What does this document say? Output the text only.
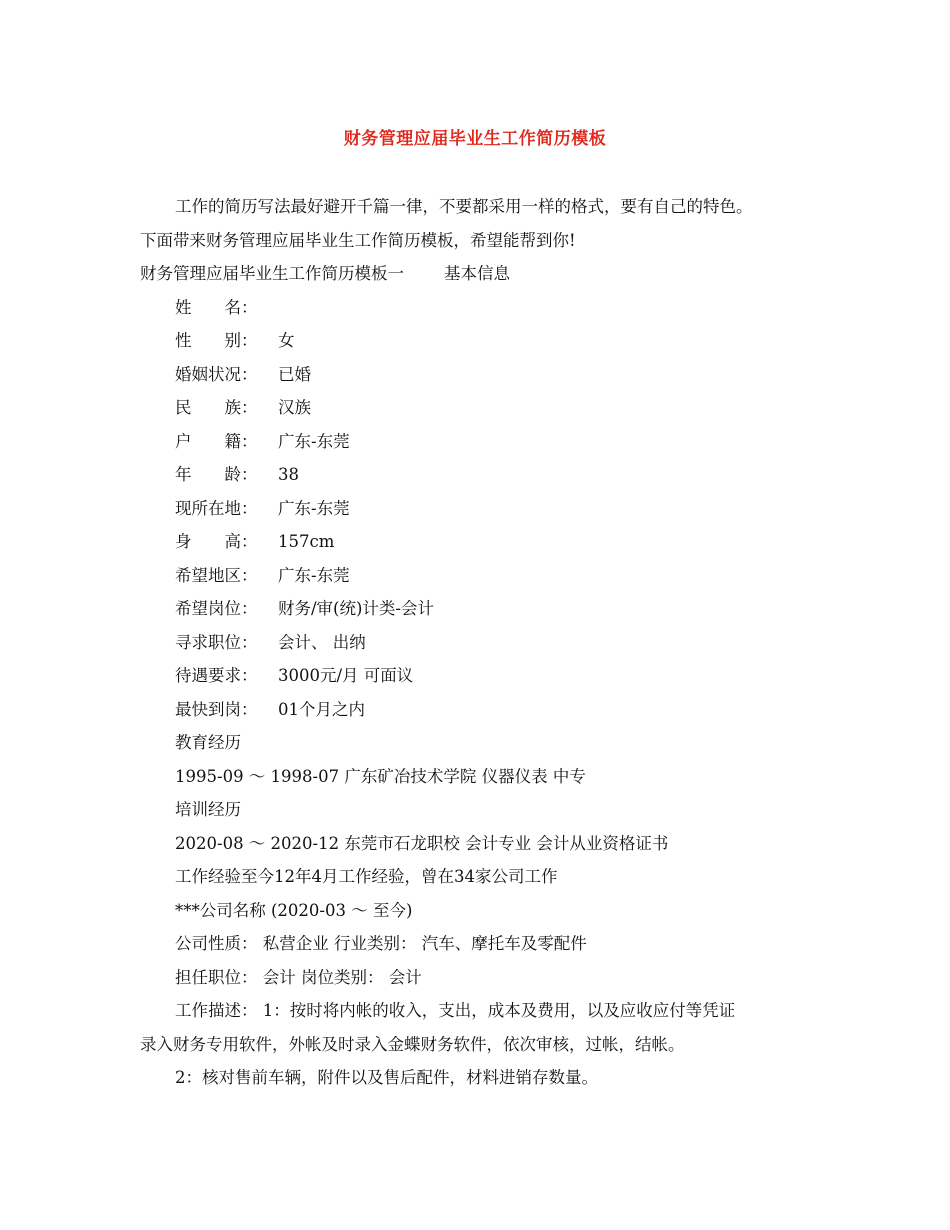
财务管理应届毕业生工作简历模板
工作的简历写法最好避开千篇一律，不要都采用一样的格式，要有自己的特色。
下面带来财务管理应届毕业生工作简历模板，希望能帮到你!
财务管理应届毕业生工作简历模板一 基本信息
姓　　名：
性　　别： 女
婚姻状况： 已婚
民　　族： 汉族
户　　籍： 广东-东莞
年　　龄： 38
现所在地： 广东-东莞
身　　高： 157cm
希望地区： 广东-东莞
希望岗位： 财务/审(统)计类-会计
寻求职位： 会计、 出纳
待遇要求： 3000元/月 可面议
最快到岗： 01个月之内
教育经历
1995-09 ～ 1998-07 广东矿冶技术学院 仪器仪表 中专
培训经历
2020-08 ～ 2020-12 东莞市石龙职校 会计专业 会计从业资格证书
工作经验至今12年4月工作经验，曾在34家公司工作
***公司名称 (2020-03 ～ 至今)
公司性质： 私营企业 行业类别： 汽车、摩托车及零配件
担任职位： 会计 岗位类别： 会计
工作描述： 1：按时将内帐的收入，支出，成本及费用，以及应收应付等凭证
录入财务专用软件，外帐及时录入金蝶财务软件，依次审核，过帐，结帐。
2：核对售前车辆，附件以及售后配件，材料进销存数量。
